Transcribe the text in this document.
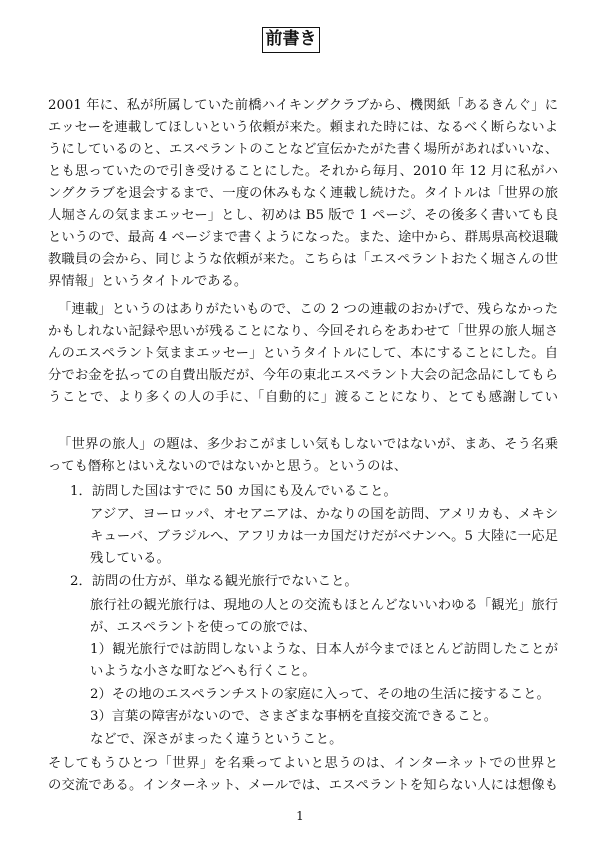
前書き
2001 年に、私が所属していた前橋ハイキングクラブから、機関紙「あるきんぐ」に
エッセーを連載してほしいという依頼が来た。頼まれた時には、なるべく断らないよ
うにしているのと、エスペラントのことなど宣伝かたがた書く場所があればいいな、
とも思っていたので引き受けることにした。それから毎月、2010 年 12 月に私がハ
ングクラブを退会するまで、一度の休みもなく連載し続けた。タイトルは「世界の旅
人堀さんの気ままエッセー」とし、初めは B5 版で 1 ページ、その後多く書いても良
というので、最高 4 ページまで書くようになった。また、途中から、群馬県高校退職
教職員の会から、同じような依頼が来た。こちらは「エスペラントおたく堀さんの世
界情報」というタイトルである。
「連載」というのはありがたいもので、この 2 つの連載のおかげで、残らなかった
かもしれない記録や思いが残ることになり、今回それらをあわせて「世界の旅人堀さ
んのエスペラント気ままエッセー」というタイトルにして、本にすることにした。自
分でお金を払っての自費出版だが、今年の東北エスペラント大会の記念品にしてもら
うことで、より多くの人の手に、「自動的に」渡ることになり、とても感謝してい
「世界の旅人」の題は、多少おこがましい気もしないではないが、まあ、そう名乗
っても僭称とはいえないのではないかと思う。というのは、
1．訪問した国はすでに 50 カ国にも及んでいること。
アジア、ヨーロッパ、オセアニアは、かなりの国を訪問、アメリカも、メキシ
キューバ、ブラジルへ、アフリカは一カ国だけだがベナンへ。5 大陸に一応足
残している。
2．訪問の仕方が、単なる観光旅行でないこと。
旅行社の観光旅行は、現地の人との交流もほとんどないいわゆる「観光」旅行
が、エスペラントを使っての旅では、
1）観光旅行では訪問しないような、日本人が今までほとんど訪問したことが
いような小さな町などへも行くこと。
2）その地のエスペランチストの家庭に入って、その地の生活に接すること。
3）言葉の障害がないので、さまざまな事柄を直接交流できること。
などで、深さがまったく違うということ。
そしてもうひとつ「世界」を名乗ってよいと思うのは、インターネットでの世界と
の交流である。インターネット、メールでは、エスペラントを知らない人には想像も
1
